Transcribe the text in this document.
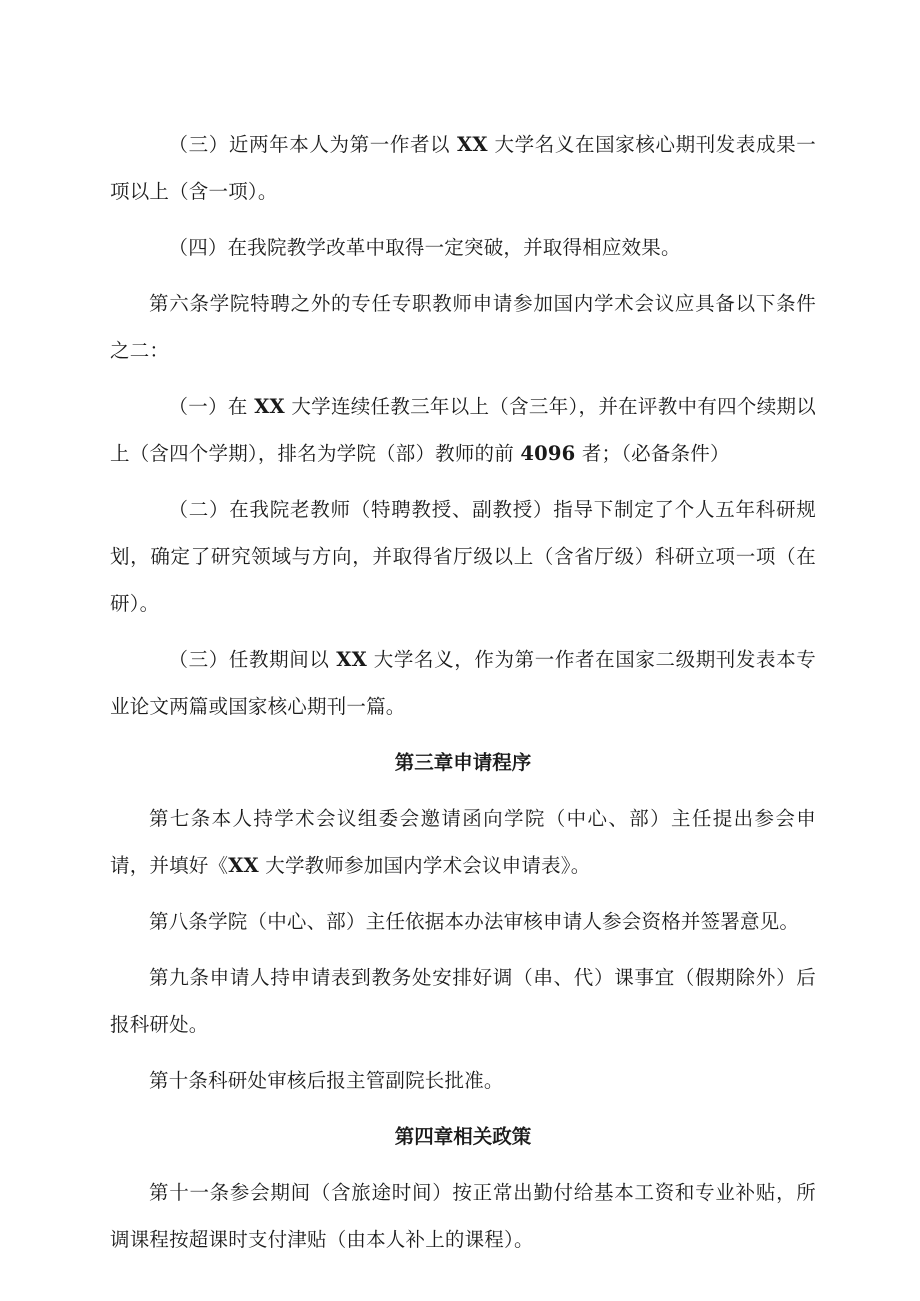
（三）近两年本人为第一作者以 XX 大学名义在国家核心期刊发表成果一项以上（含一项）。

（四）在我院教学改革中取得一定突破，并取得相应效果。

第六条学院特聘之外的专任专职教师申请参加国内学术会议应具备以下条件之二：

（一）在 XX 大学连续任教三年以上（含三年），并在评教中有四个续期以上（含四个学期），排名为学院（部）教师的前 4096 者；（必备条件）

（二）在我院老教师（特聘教授、副教授）指导下制定了个人五年科研规划，确定了研究领域与方向，并取得省厅级以上（含省厅级）科研立项一项（在研）。

（三）任教期间以 XX 大学名义，作为第一作者在国家二级期刊发表本专业论文两篇或国家核心期刊一篇。

第三章申请程序

第七条本人持学术会议组委会邀请函向学院（中心、部）主任提出参会申请，并填好《XX 大学教师参加国内学术会议申请表》。

第八条学院（中心、部）主任依据本办法审核申请人参会资格并签署意见。

第九条申请人持申请表到教务处安排好调（串、代）课事宜（假期除外）后报科研处。

第十条科研处审核后报主管副院长批准。

第四章相关政策

第十一条参会期间（含旅途时间）按正常出勤付给基本工资和专业补贴，所调课程按超课时支付津贴（由本人补上的课程）。
